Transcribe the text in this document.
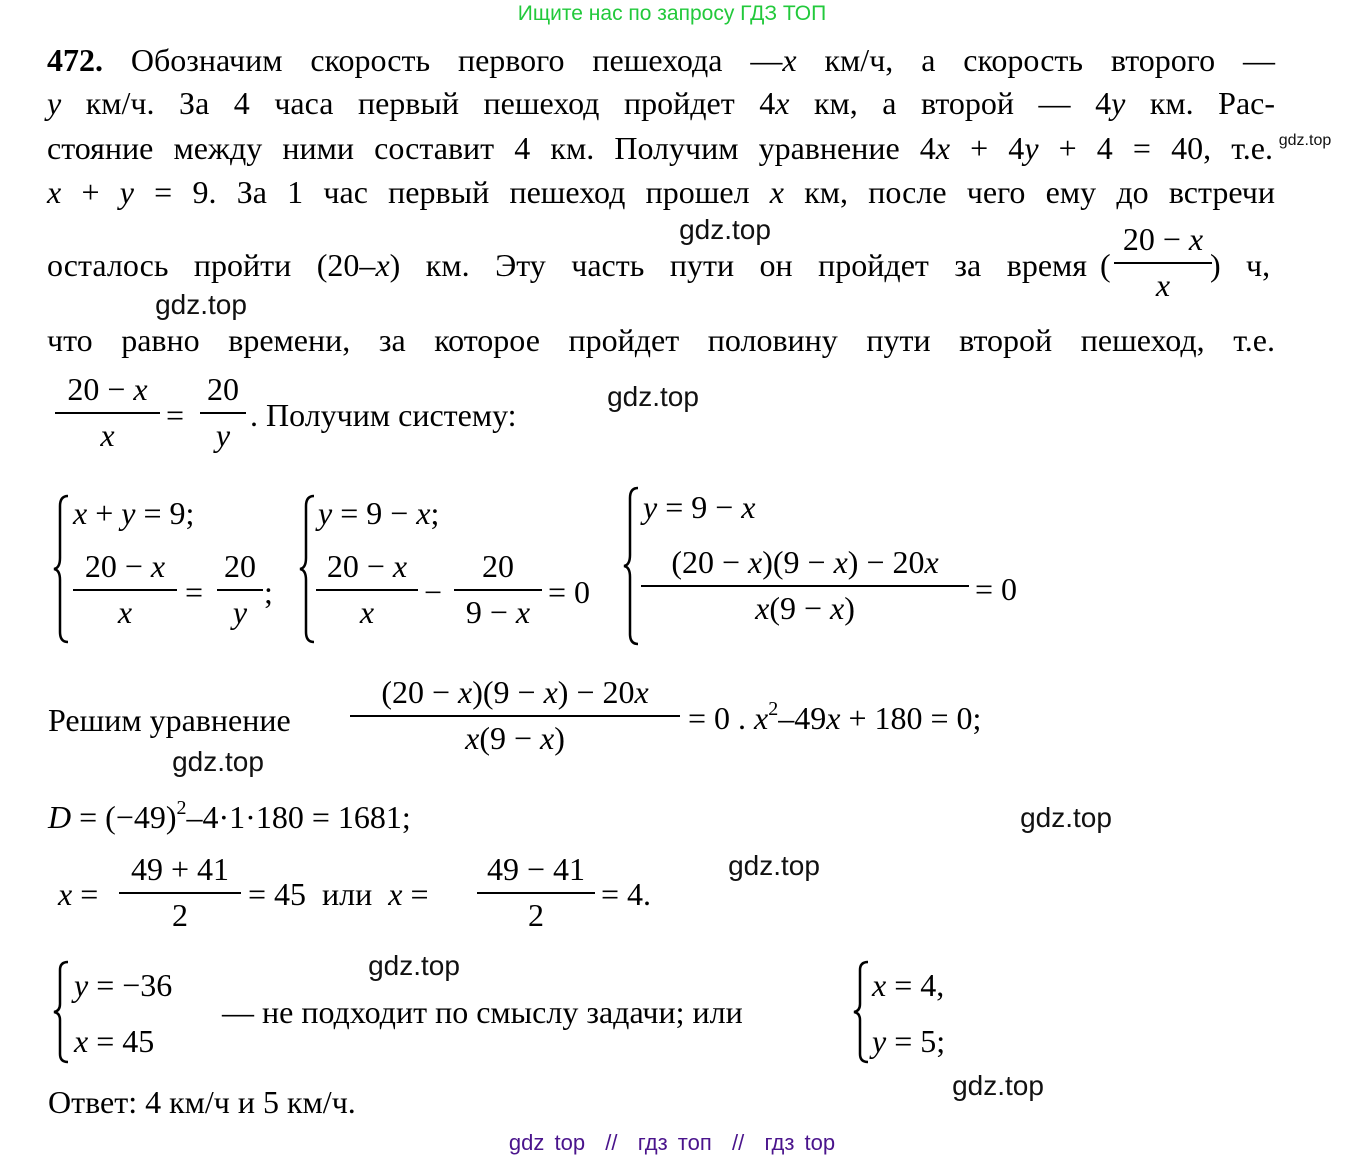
Ищите нас по запросу ГДЗ ТОП
472. Обозначим скорость первого пешехода —x км/ч, а скорость второго —
y км/ч. За 4 часа первый пешеход пройдет 4x км, а второй — 4y км. Рас-
стояние между ними составит 4 км. Получим уравнение 4x + 4y + 4 = 40, т.е.
x + y = 9. За 1 час первый пешеход прошел x км, после чего ему до встречи
осталось пройти (20–x) км. Эту часть пути он пройдет за время (
20 − x
x
) ч,
что равно времени, за которое пройдет половину пути второй пешеход, т.е.
20 − x
x
=
20
y
. Получим систему:
x + y = 9;
20 − x
x
=
20
y
;
y = 9 − x;
20 − x
x
−
20
9 − x
= 0
y = 9 − x
(20 − x)(9 − x) − 20x
x(9 − x)
= 0
Решим уравнение
(20 − x)(9 − x) − 20x
x(9 − x)
= 0 . $x^2-49x + 180 = 0$;
$D = (-49)^2-4\cdot 1\cdot 180 = 1681$;
x =
49 + 41
2
= 45  или  x =
49 − 41
2
= 4.
y = −36
x = 45
— не подходит по смыслу задачи; или
x = 4,
y = 5;
Ответ: 4 км/ч и 5 км/ч.
gdz.top
gdz.top
gdz.top
gdz.top
gdz.top
gdz.top
gdz.top
gdz.top
gdz.top
gdz top  //  гдз топ  //  гдз top
